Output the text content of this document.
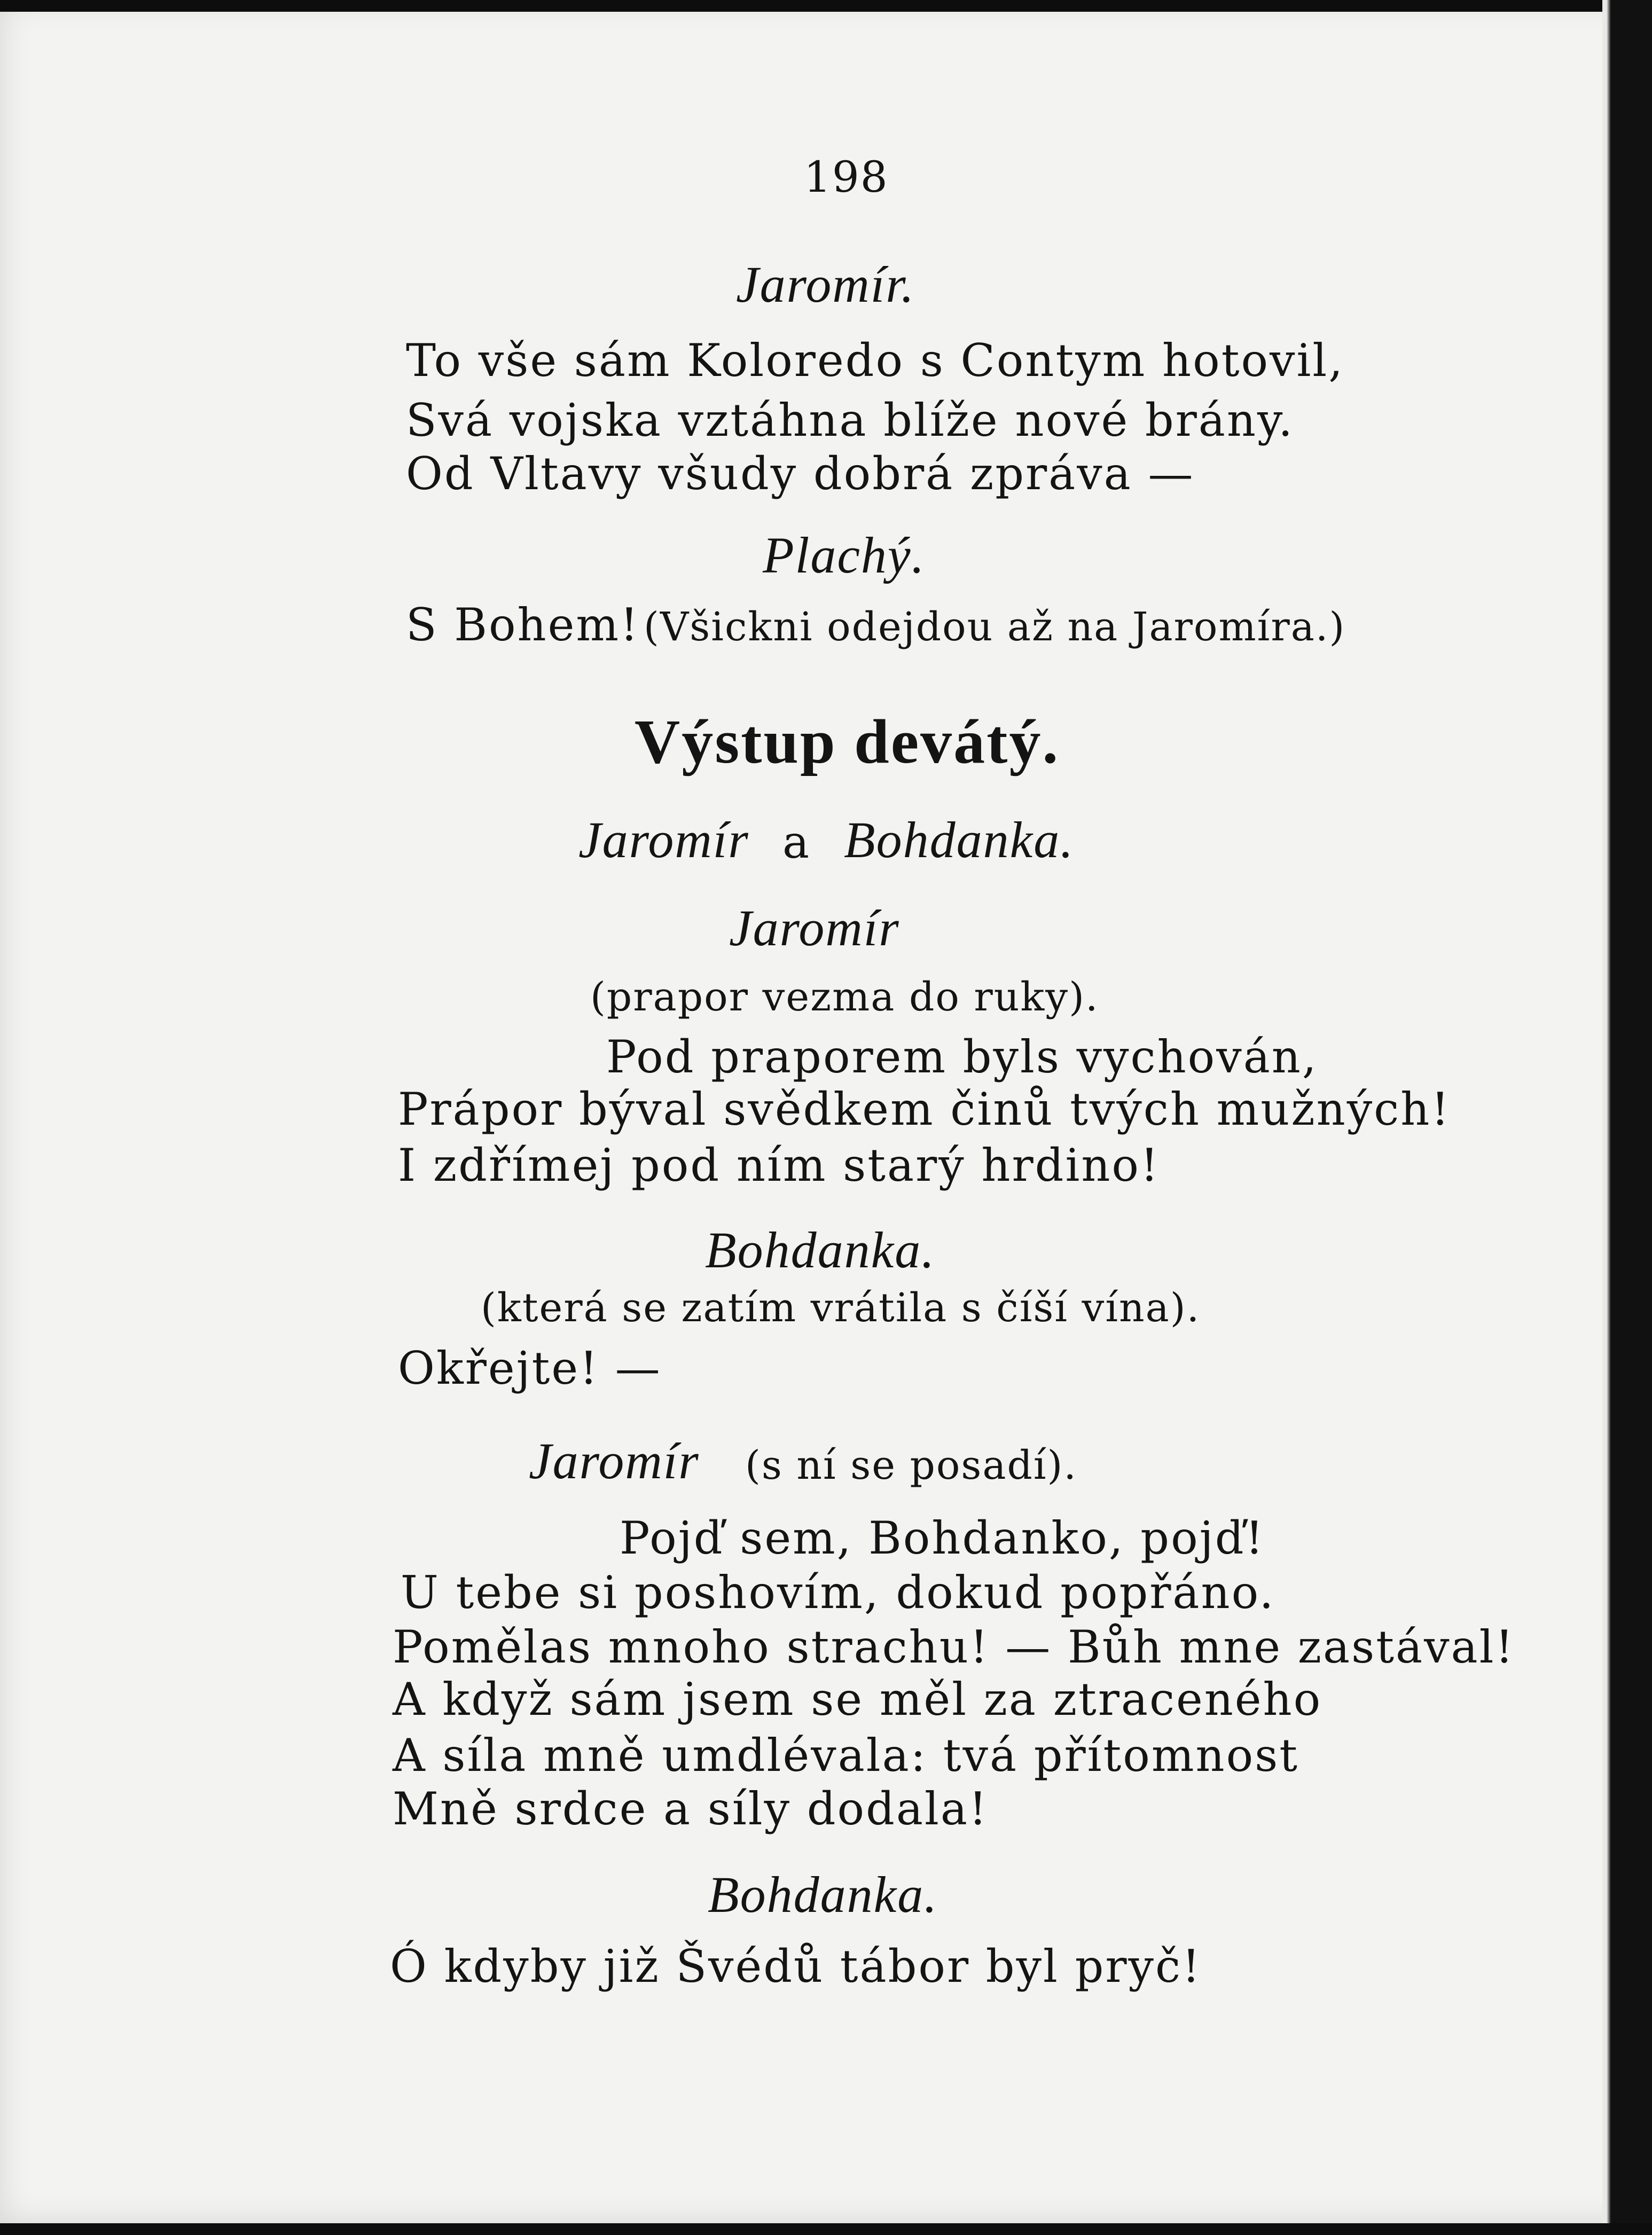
198
Jaromír.
To vše sám Koloredo s Contym hotovil,
Svá vojska vztáhna blíže nové brány.
Od Vltavy všudy dobrá zpráva —
Plachý.
S Bohem! (Všickni odejdou až na Jaromíra.)
Výstup devátý.
Jaromír a Bohdanka.
Jaromír
(prapor vezma do ruky).
Pod praporem byls vychován,
Prápor býval svědkem činů tvých mužných!
I zdřímej pod ním starý hrdino!
Bohdanka.
(která se zatím vrátila s číší vína).
Okřejte! —
Jaromír (s ní se posadí).
Pojď sem, Bohdanko, pojď!
U tebe si poshovím, dokud popřáno.
Pomělas mnoho strachu! — Bůh mne zastával!
A když sám jsem se měl za ztraceného
A síla mně umdlévala: tvá přítomnost
Mně srdce a síly dodala!
Bohdanka.
Ó kdyby již Švédů tábor byl pryč!
